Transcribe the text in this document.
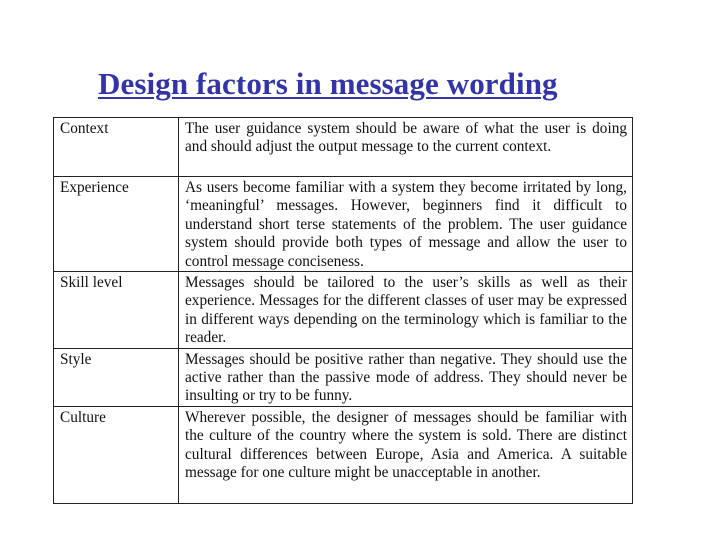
Design factors in message wording
Context	The user guidance system should be aware of what the user is doing and should adjust the output message to the current context.
Experience	As users become familiar with a system they become irritated by long, ‘meaningful’ messages. However, beginners find it difficult to understand short terse statements of the problem. The user guidance system should provide both types of message and allow the user to control message conciseness.
Skill level	Messages should be tailored to the user’s skills as well as their experience. Messages for the different classes of user may be expressed in different ways depending on the terminology which is familiar to the reader.
Style	Messages should be positive rather than negative. They should use the active rather than the passive mode of address. They should never be insulting or try to be funny.
Culture	Wherever possible, the designer of messages should be familiar with the culture of the country where the system is sold. There are distinct cultural differences between Europe, Asia and America. A suitable message for one culture might be unacceptable in another.
